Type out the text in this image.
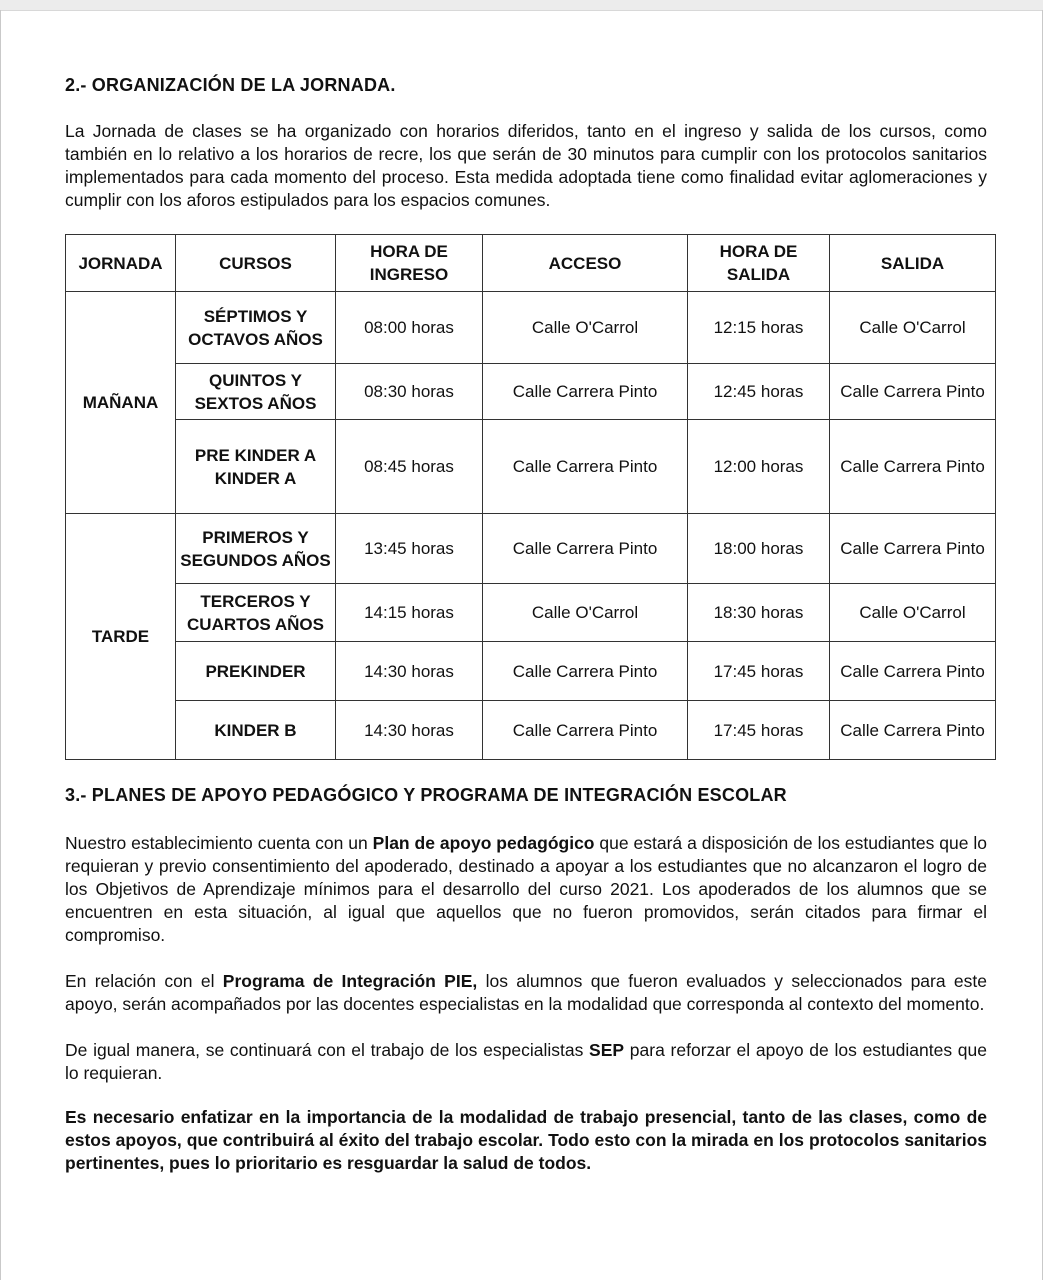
2.- ORGANIZACIÓN DE LA JORNADA.

La Jornada de clases se ha organizado con horarios diferidos, tanto en el ingreso y salida de los cursos, como también en lo relativo a los horarios de recre, los que serán de 30 minutos para cumplir con los protocolos sanitarios implementados para cada momento del proceso. Esta medida adoptada tiene como finalidad evitar aglomeraciones y cumplir con los aforos estipulados para los espacios comunes.

JORNADA	CURSOS	HORA DE INGRESO	ACCESO	HORA DE SALIDA	SALIDA
MAÑANA	SÉPTIMOS Y OCTAVOS AÑOS	08:00 horas	Calle O'Carrol	12:15 horas	Calle O'Carrol
	QUINTOS Y SEXTOS AÑOS	08:30 horas	Calle Carrera Pinto	12:45 horas	Calle Carrera Pinto
	PRE KINDER A KINDER A	08:45 horas	Calle Carrera Pinto	12:00 horas	Calle Carrera Pinto
TARDE	PRIMEROS Y SEGUNDOS AÑOS	13:45 horas	Calle Carrera Pinto	18:00 horas	Calle Carrera Pinto
	TERCEROS Y CUARTOS AÑOS	14:15 horas	Calle O'Carrol	18:30 horas	Calle O'Carrol
	PREKINDER	14:30 horas	Calle Carrera Pinto	17:45 horas	Calle Carrera Pinto
	KINDER B	14:30 horas	Calle Carrera Pinto	17:45 horas	Calle Carrera Pinto
3.- PLANES DE APOYO PEDAGÓGICO Y PROGRAMA DE INTEGRACIÓN ESCOLAR

Nuestro establecimiento cuenta con un Plan de apoyo pedagógico que estará a disposición de los estudiantes que lo requieran y previo consentimiento del apoderado, destinado a apoyar a los estudiantes que no alcanzaron el logro de los Objetivos de Aprendizaje mínimos para el desarrollo del curso 2021. Los apoderados de los alumnos que se encuentren en esta situación, al igual que aquellos que no fueron promovidos, serán citados para firmar el compromiso.

En relación con el Programa de Integración PIE, los alumnos que fueron evaluados y seleccionados para este apoyo, serán acompañados por las docentes especialistas en la modalidad que corresponda al contexto del momento.

De igual manera, se continuará con el trabajo de los especialistas SEP para reforzar el apoyo de los estudiantes que lo requieran.

Es necesario enfatizar en la importancia de la modalidad de trabajo presencial, tanto de las clases, como de estos apoyos, que contribuirá al éxito del trabajo escolar. Todo esto con la mirada en los protocolos sanitarios pertinentes, pues lo prioritario es resguardar la salud de todos.
